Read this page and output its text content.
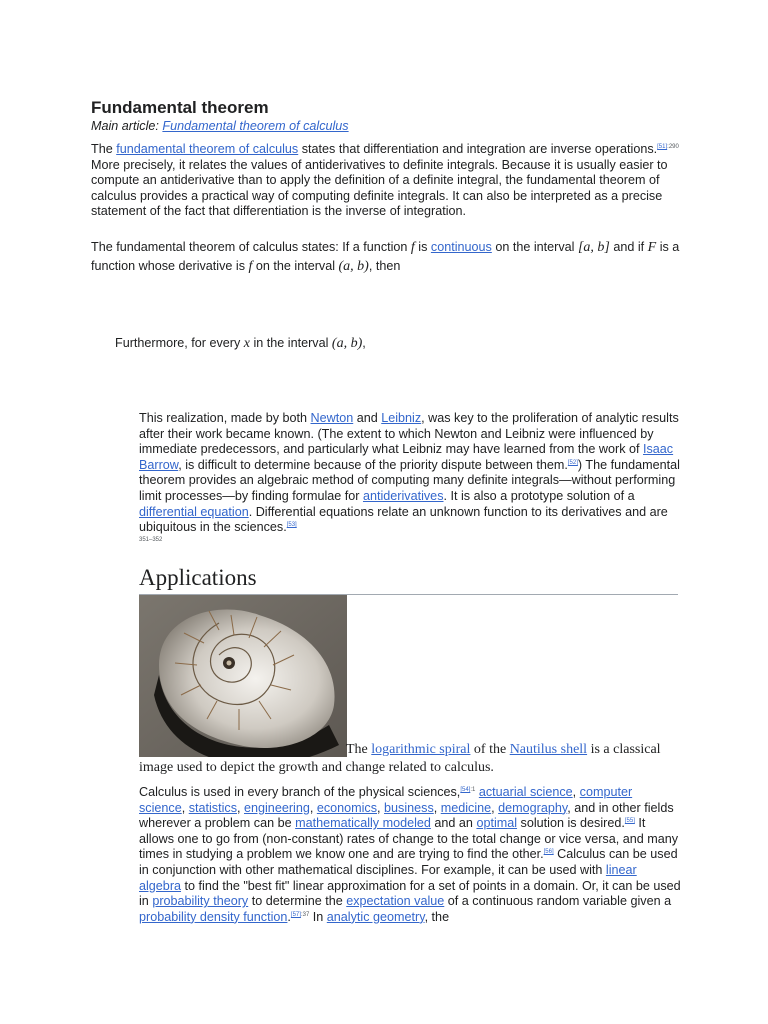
Fundamental theorem
Main article: Fundamental theorem of calculus
The fundamental theorem of calculus states that differentiation and integration are inverse operations.$^{[51]:290}$ More precisely, it relates the values of antiderivatives to definite integrals. Because it is usually easier to compute an antiderivative than to apply the definition of a definite integral, the fundamental theorem of calculus provides a practical way of computing definite integrals. It can also be interpreted as a precise statement of the fact that differentiation is the inverse of integration.
The fundamental theorem of calculus states: If a function f is continuous on the interval [a, b] and if F is a function whose derivative is f on the interval (a, b), then
Furthermore, for every x in the interval (a, b),
This realization, made by both Newton and Leibniz, was key to the proliferation of analytic results after their work became known. (The extent to which Newton and Leibniz were influenced by immediate predecessors, and particularly what Leibniz may have learned from the work of Isaac Barrow, is difficult to determine because of the priority dispute between them.[52]) The fundamental theorem provides an algebraic method of computing many definite integrals—without performing limit processes—by finding formulae for antiderivatives. It is also a prototype solution of a differential equation. Differential equations relate an unknown function to its derivatives and are ubiquitous in the sciences.[53]
351–352
Applications
The logarithmic spiral of the Nautilus shell is a classical image used to depict the growth and change related to calculus.
Calculus is used in every branch of the physical sciences,$^{[54]:1}$ actuarial science, computer science, statistics, engineering, economics, business, medicine, demography, and in other fields wherever a problem can be mathematically modeled and an optimal solution is desired.[55] It allows one to go from (non-constant) rates of change to the total change or vice versa, and many times in studying a problem we know one and are trying to find the other.[56] Calculus can be used in conjunction with other mathematical disciplines. For example, it can be used with linear algebra to find the "best fit" linear approximation for a set of points in a domain. Or, it can be used in probability theory to determine the expectation value of a continuous random variable given a probability density function.$^{[57]:37}$ In analytic geometry, the
